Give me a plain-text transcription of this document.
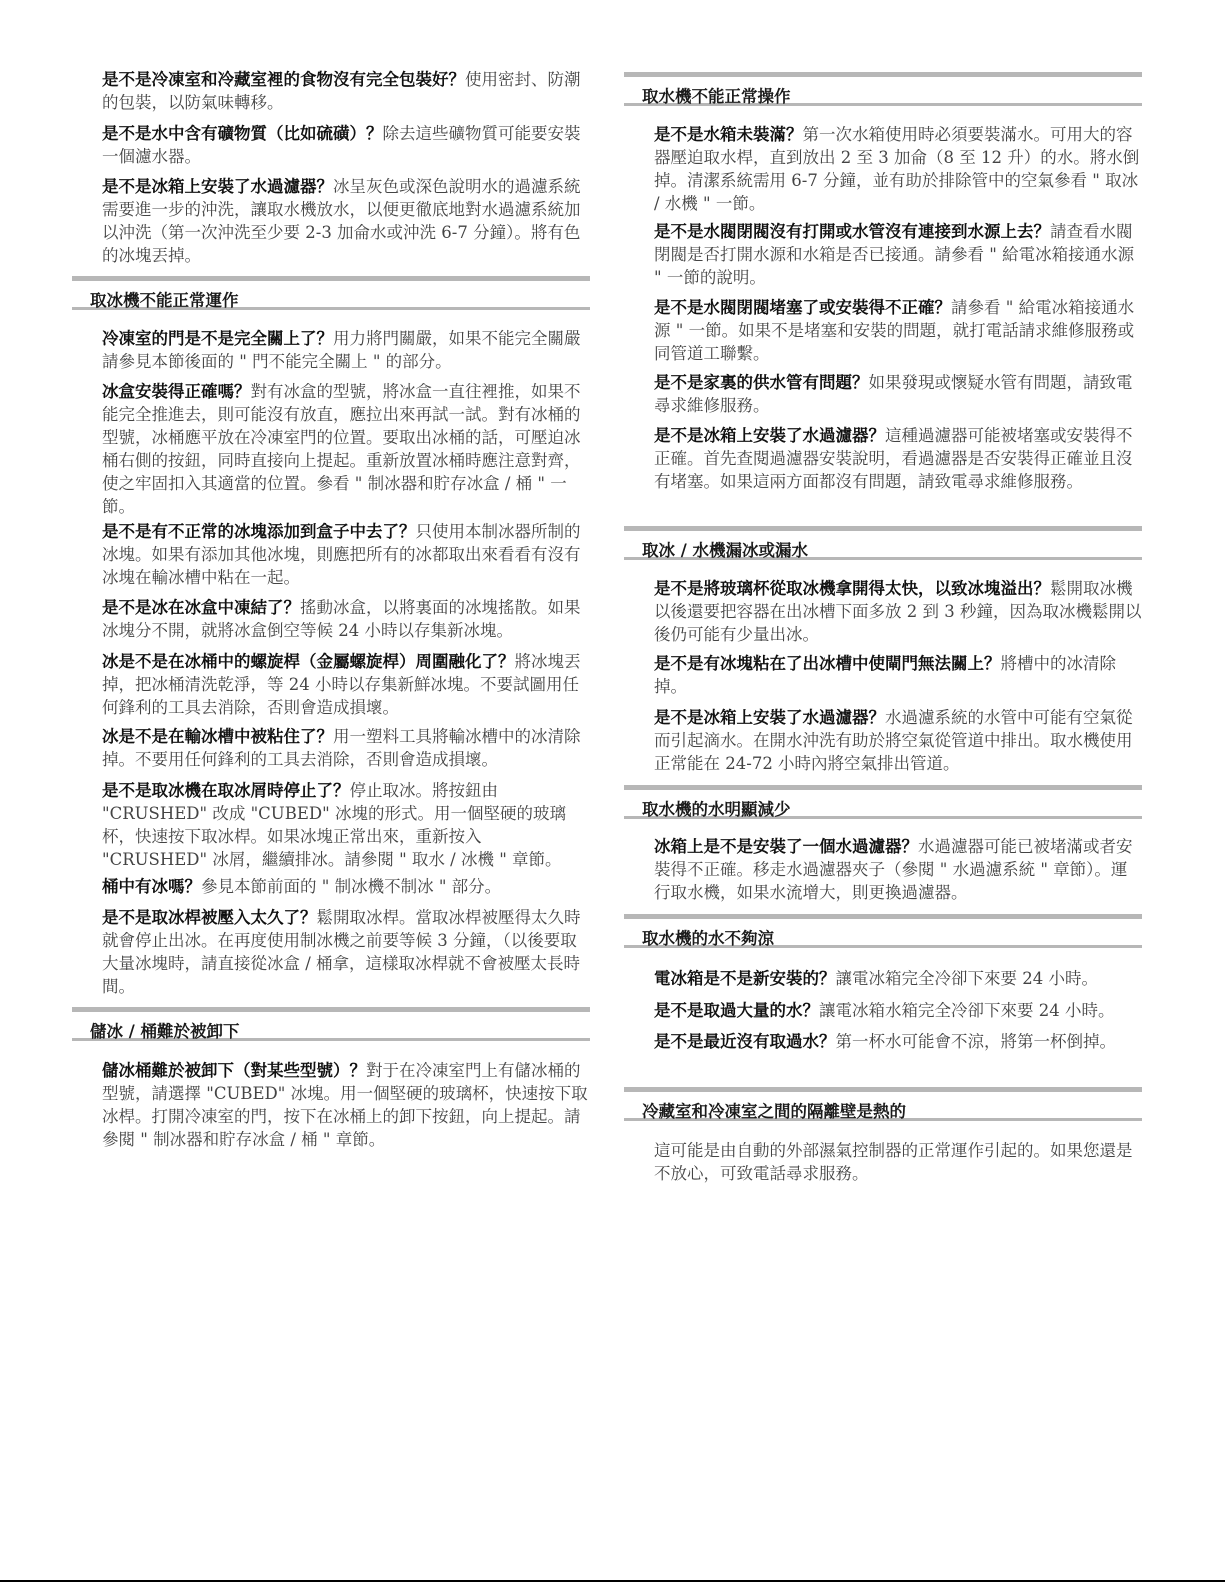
是不是冷凍室和冷藏室裡的食物沒有完全包裝好？使用密封、防潮的包裝，以防氣味轉移。

是不是水中含有礦物質（比如硫磺）？除去這些礦物質可能要安裝一個濾水器。

是不是冰箱上安裝了水過濾器？冰呈灰色或深色說明水的過濾系統需要進一步的沖洗，讓取水機放水，以便更徹底地對水過濾系統加以沖洗（第一次沖洗至少要 2-3 加侖水或沖洗 6-7 分鐘）。將有色的冰塊丟掉。

取冰機不能正常運作

冷凍室的門是不是完全關上了？用力將門關嚴，如果不能完全關嚴請參見本節後面的 " 門不能完全關上 " 的部分。

冰盒安裝得正確嗎？對有冰盒的型號，將冰盒一直往裡推，如果不能完全推進去，則可能沒有放直，應拉出來再試一試。對有冰桶的型號，冰桶應平放在冷凍室門的位置。要取出冰桶的話，可壓迫冰桶右側的按鈕，同時直接向上提起。重新放置冰桶時應注意對齊，使之牢固扣入其適當的位置。參看 " 制冰器和貯存冰盒 / 桶 " 一節。

是不是有不正常的冰塊添加到盒子中去了？只使用本制冰器所制的冰塊。如果有添加其他冰塊，則應把所有的冰都取出來看看有沒有冰塊在輸冰槽中粘在一起。

是不是冰在冰盒中凍結了？搖動冰盒，以將裏面的冰塊搖散。如果冰塊分不開，就將冰盒倒空等候 24 小時以存集新冰塊。

冰是不是在冰桶中的螺旋桿（金屬螺旋桿）周圍融化了？將冰塊丟掉，把冰桶清洗乾淨，等 24 小時以存集新鮮冰塊。不要試圖用任何鋒利的工具去消除，否則會造成損壞。

冰是不是在輸冰槽中被粘住了？用一塑料工具將輸冰槽中的冰清除掉。不要用任何鋒利的工具去消除，否則會造成損壞。

是不是取冰機在取冰屑時停止了？停止取冰。將按鈕由 "CRUSHED" 改成 "CUBED" 冰塊的形式。用一個堅硬的玻璃杯，快速按下取冰桿。如果冰塊正常出來，重新按入 "CRUSHED" 冰屑，繼續排冰。請參閱 " 取水 / 冰機 " 章節。

桶中有冰嗎？參見本節前面的 " 制冰機不制冰 " 部分。

是不是取冰桿被壓入太久了？鬆開取冰桿。當取冰桿被壓得太久時就會停止出冰。在再度使用制冰機之前要等候 3 分鐘，（以後要取大量冰塊時，請直接從冰盒 / 桶拿，這樣取冰桿就不會被壓太長時間。

儲冰 / 桶難於被卸下

儲冰桶難於被卸下（對某些型號）？對于在冷凍室門上有儲冰桶的型號，請選擇 "CUBED" 冰塊。用一個堅硬的玻璃杯，快速按下取冰桿。打開冷凍室的門，按下在冰桶上的卸下按鈕，向上提起。請參閱 " 制冰器和貯存冰盒 / 桶 " 章節。

取水機不能正常操作

是不是水箱未裝滿？第一次水箱使用時必須要裝滿水。可用大的容器壓迫取水桿，直到放出 2 至 3 加侖（8 至 12 升）的水。將水倒掉。清潔系統需用 6-7 分鐘，並有助於排除管中的空氣參看 " 取冰 / 水機 " 一節。

是不是水閥閉閥沒有打開或水管沒有連接到水源上去？請查看水閥閉閥是否打開水源和水箱是否已接通。請參看 " 給電冰箱接通水源 " 一節的說明。

是不是水閥閉閥堵塞了或安裝得不正確？請參看 " 給電冰箱接通水源 " 一節。如果不是堵塞和安裝的問題，就打電話請求維修服務或同管道工聯繫。

是不是家裏的供水管有問題？如果發現或懷疑水管有問題，請致電尋求維修服務。

是不是冰箱上安裝了水過濾器？這種過濾器可能被堵塞或安裝得不正確。首先查閱過濾器安裝說明，看過濾器是否安裝得正確並且沒有堵塞。如果這兩方面都沒有問題，請致電尋求維修服務。

取冰 / 水機漏冰或漏水

是不是將玻璃杯從取冰機拿開得太快，以致冰塊溢出？鬆開取冰機以後還要把容器在出冰槽下面多放 2 到 3 秒鐘，因為取冰機鬆開以後仍可能有少量出冰。

是不是有冰塊粘在了出冰槽中使閘門無法關上？將槽中的冰清除掉。

是不是冰箱上安裝了水過濾器？水過濾系統的水管中可能有空氣從而引起滴水。在開水沖洗有助於將空氣從管道中排出。取水機使用正常能在 24-72 小時內將空氣排出管道。

取水機的水明顯減少

冰箱上是不是安裝了一個水過濾器？水過濾器可能已被堵滿或者安裝得不正確。移走水過濾器夾子（參閱 " 水過濾系統 " 章節）。運行取水機，如果水流增大，則更換過濾器。

取水機的水不夠涼

電冰箱是不是新安裝的？讓電冰箱完全冷卻下來要 24 小時。

是不是取過大量的水？讓電冰箱水箱完全冷卻下來要 24 小時。

是不是最近沒有取過水？第一杯水可能會不涼，將第一杯倒掉。

冷藏室和冷凍室之間的隔離壁是熱的

這可能是由自動的外部濕氣控制器的正常運作引起的。如果您還是不放心，可致電話尋求服務。
